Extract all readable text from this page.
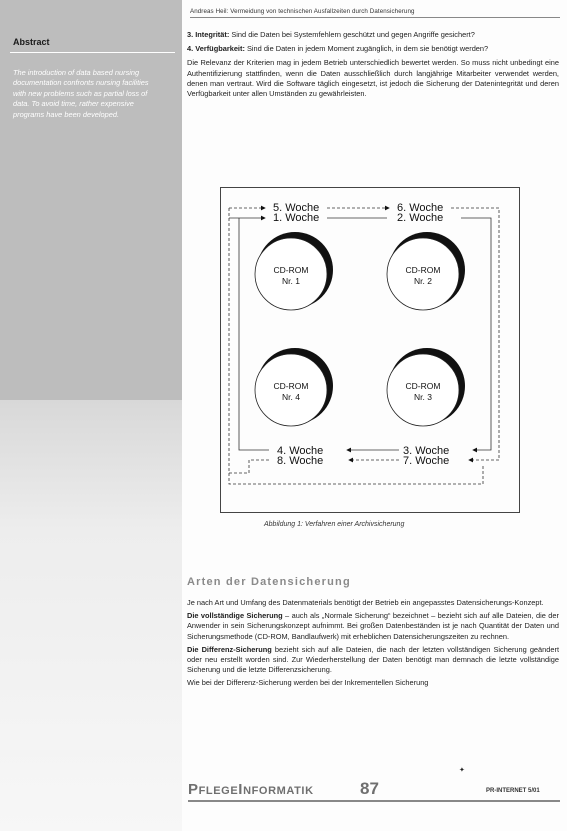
Andreas Heil: Vermeidung von technischen Ausfallzeiten durch Datensicherung
Abstract

The introduction of data based nursing documentation confronts nursing facilities with new problems such as partial loss of data. To avoid time, rather expensive programs have been developed.

3. Integrität: Sind die Daten bei Systemfehlern geschützt und gegen Angriffe gesichert?

4. Verfügbarkeit: Sind die Daten in jedem Moment zugänglich, in dem sie benötigt werden?

Die Relevanz der Kriterien mag in jedem Betrieb unterschiedlich bewertet werden. So muss nicht unbedingt eine Authentifizierung stattfinden, wenn die Daten ausschließlich durch langjährige Mitarbeiter verwendet werden, denen man vertraut. Wird die Software täglich eingesetzt, ist jedoch die Sicherung der Datenintegrität und deren Verfügbarkeit unter allen Umständen zu gewährleisten.

5. Woche
1. Woche
6. Woche
2. Woche
4. Woche
8. Woche
3. Woche
7. Woche
CD-ROM
Nr. 1
CD-ROM
Nr. 2
CD-ROM
Nr. 4
CD-ROM
Nr. 3
Abbildung 1: Verfahren einer Archivsicherung
Arten der Datensicherung

Je nach Art und Umfang des Datenmaterials benötigt der Betrieb ein angepasstes Datensicherungs-Konzept.

Die vollständige Sicherung – auch als „Normale Sicherung“ bezeichnet – bezieht sich auf alle Dateien, die der Anwender in sein Sicherungskonzept aufnimmt. Bei großen Datenbeständen ist je nach Quantität der Daten und Sicherungsmethode (CD-ROM, Bandlaufwerk) mit erheblichen Datensicherungszeiten zu rechnen.

Die Differenz-Sicherung bezieht sich auf alle Dateien, die nach der letzten vollständigen Sicherung geändert oder neu erstellt worden sind. Zur Wiederherstellung der Daten benötigt man demnach die letzte vollständige Sicherung und die letzte Differenzsicherung.

Wie bei der Differenz-Sicherung werden bei der Inkrementellen Sicherung

✦
PFLEGEINFORMATIK	87	PR-INTERNET 5/01
